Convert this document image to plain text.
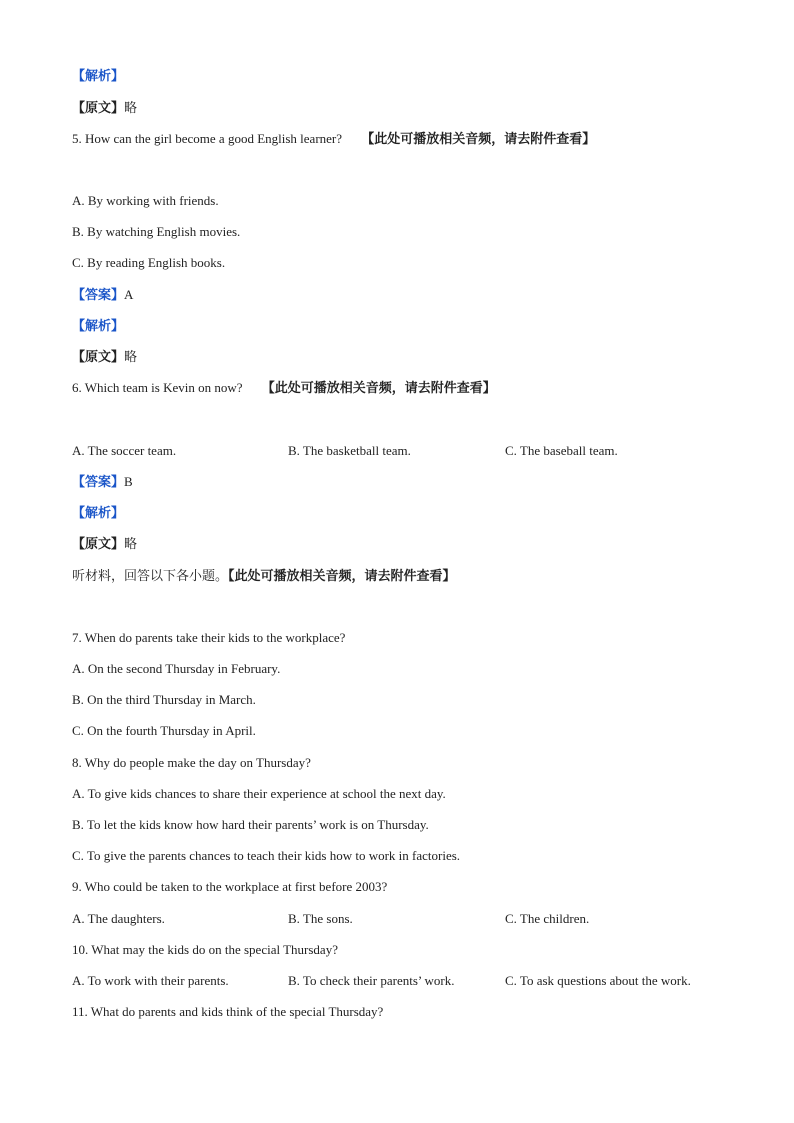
【解析】
【原文】略
5. How can the girl become a good English learner? 【此处可播放相关音频，请去附件查看】
A. By working with friends.
B. By watching English movies.
C. By reading English books.
【答案】A
【解析】
【原文】略
6. Which team is Kevin on now? 【此处可播放相关音频，请去附件查看】
A. The soccer team.	B. The basketball team.	C. The baseball team.
【答案】B
【解析】
【原文】略
听材料，回答以下各小题。【此处可播放相关音频，请去附件查看】
7. When do parents take their kids to the workplace?
A. On the second Thursday in February.
B. On the third Thursday in March.
C. On the fourth Thursday in April.
8. Why do people make the day on Thursday?
A. To give kids chances to share their experience at school the next day.
B. To let the kids know how hard their parents’ work is on Thursday.
C. To give the parents chances to teach their kids how to work in factories.
9. Who could be taken to the workplace at first before 2003?
A. The daughters.	B. The sons.	C. The children.
10. What may the kids do on the special Thursday?
A. To work with their parents.	B. To check their parents’ work.	C. To ask questions about the work.
11. What do parents and kids think of the special Thursday?
